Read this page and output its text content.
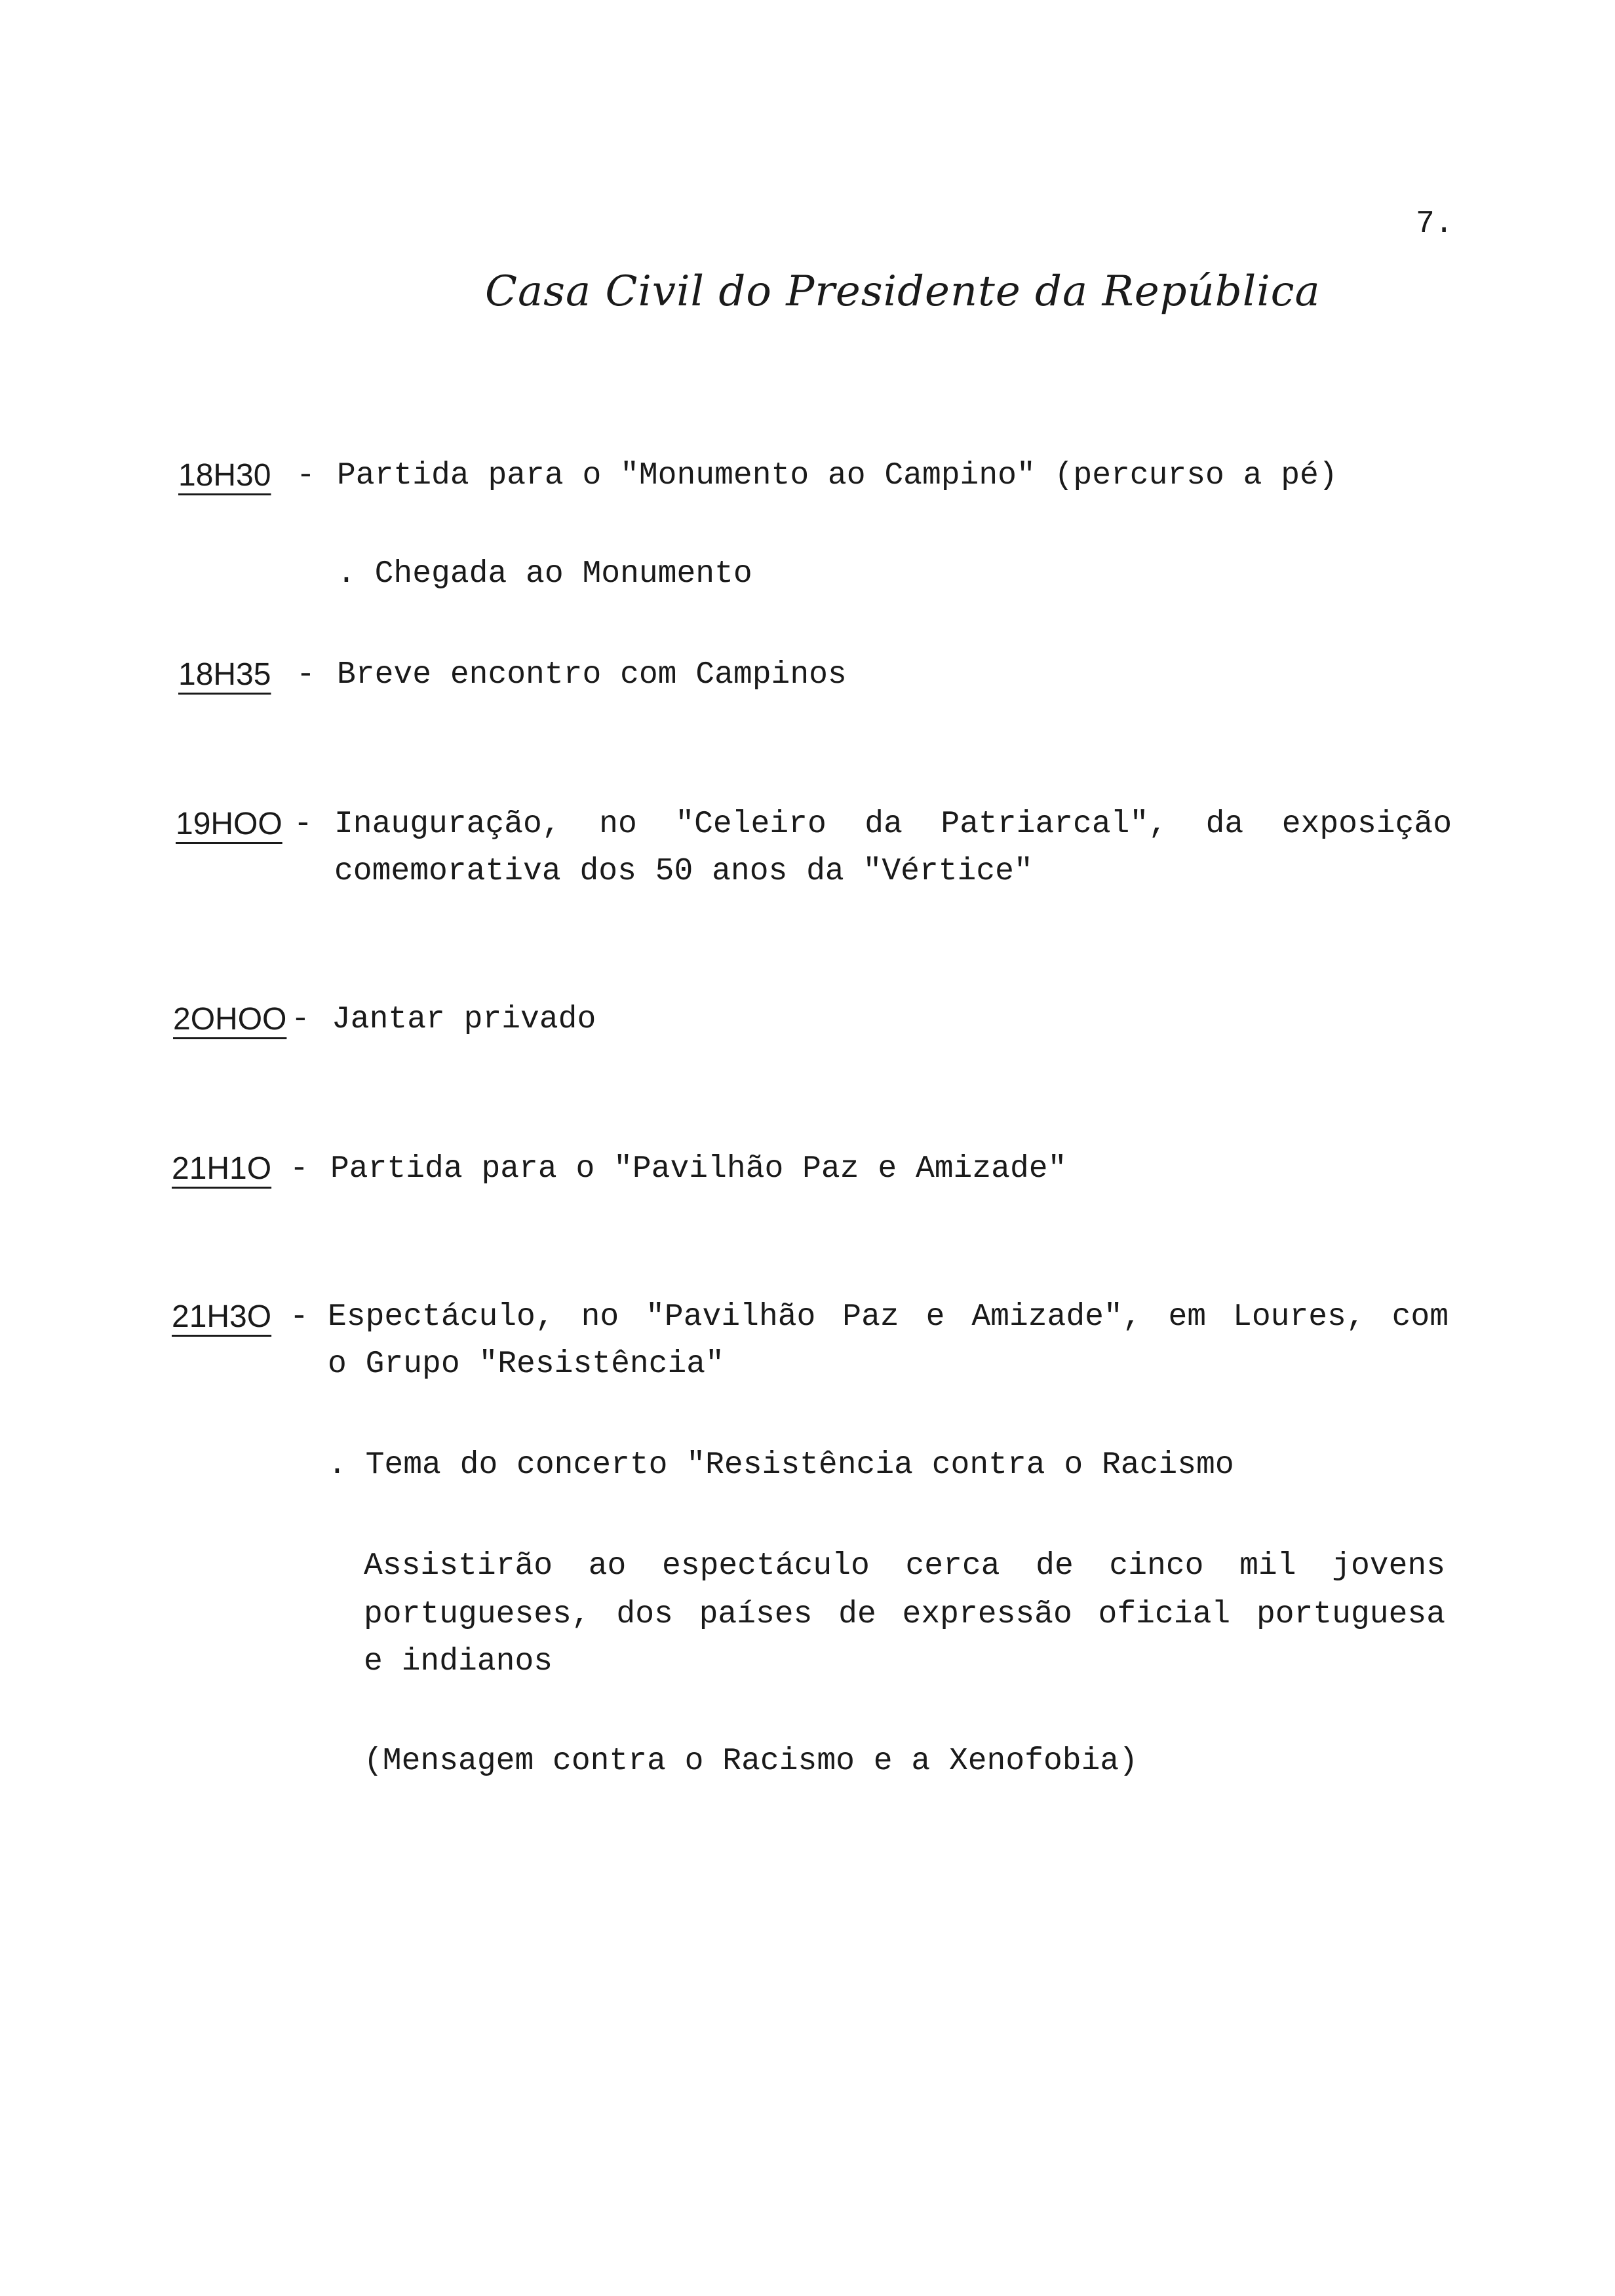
7.
Casa Civil do Presidente da República
18H30 - Partida para o "Monumento ao Campino" (percurso a pé)
. Chegada ao Monumento
18H35 - Breve encontro com Campinos
19HOO - Inauguração, no "Celeiro da Patriarcal", da exposição
comemorativa dos 50 anos da "Vértice"
2OHOO - Jantar privado
21H1O - Partida para o "Pavilhão Paz e Amizade"
21H3O - Espectáculo, no "Pavilhão Paz e Amizade", em Loures, com
o Grupo "Resistência"
. Tema do concerto "Resistência contra o Racismo
Assistirão ao espectáculo cerca de cinco mil jovens
portugueses, dos países de expressão oficial portuguesa
e indianos
(Mensagem contra o Racismo e a Xenofobia)
